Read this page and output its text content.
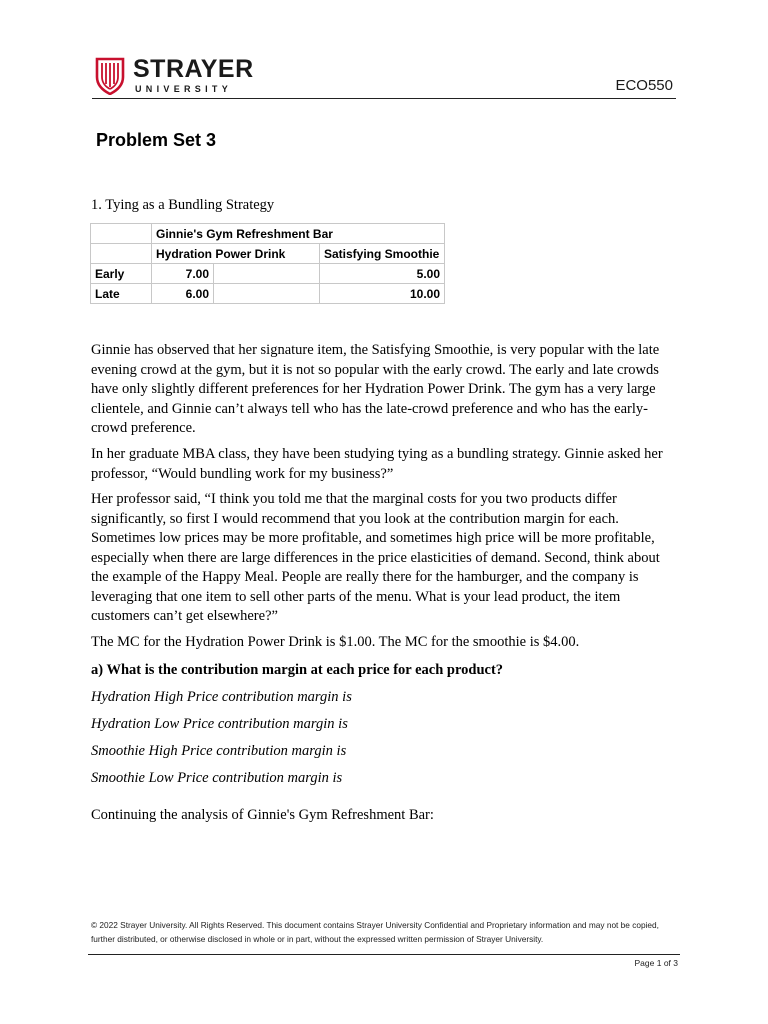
STRAYER
UNIVERSITY	ECO550
Problem Set 3
1. Tying as a Bundling Strategy
	Ginnie's Gym Refreshment Bar		
	Hydration Power Drink		Satisfying Smoothie
Early	7.00		5.00
Late	6.00		10.00
Ginnie has observed that her signature item, the Satisfying Smoothie, is very popular with the late evening crowd at the gym, but it is not so popular with the early crowd. The early and late crowds have only slightly different preferences for her Hydration Power Drink. The gym has a very large clientele, and Ginnie can’t always tell who has the late-crowd preference and who has the early-crowd preference.
In her graduate MBA class, they have been studying tying as a bundling strategy. Ginnie asked her professor, “Would bundling work for my business?”
Her professor said, “I think you told me that the marginal costs for you two products differ significantly, so first I would recommend that you look at the contribution margin for each. Sometimes low prices may be more profitable, and sometimes high price will be more profitable, especially when there are large differences in the price elasticities of demand. Second, think about the example of the Happy Meal. People are really there for the hamburger, and the company is leveraging that one item to sell other parts of the menu. What is your lead product, the item customers can’t get elsewhere?”
The MC for the Hydration Power Drink is $1.00. The MC for the smoothie is $4.00.
a) What is the contribution margin at each price for each product?
Hydration High Price contribution margin is
Hydration Low Price contribution margin is
Smoothie High Price contribution margin is
Smoothie Low Price contribution margin is
Continuing the analysis of Ginnie's Gym Refreshment Bar:
© 2022 Strayer University. All Rights Reserved. This document contains Strayer University Confidential and Proprietary information and may not be copied, further distributed, or otherwise disclosed in whole or in part, without the expressed written permission of Strayer University.
Page 1 of 3
